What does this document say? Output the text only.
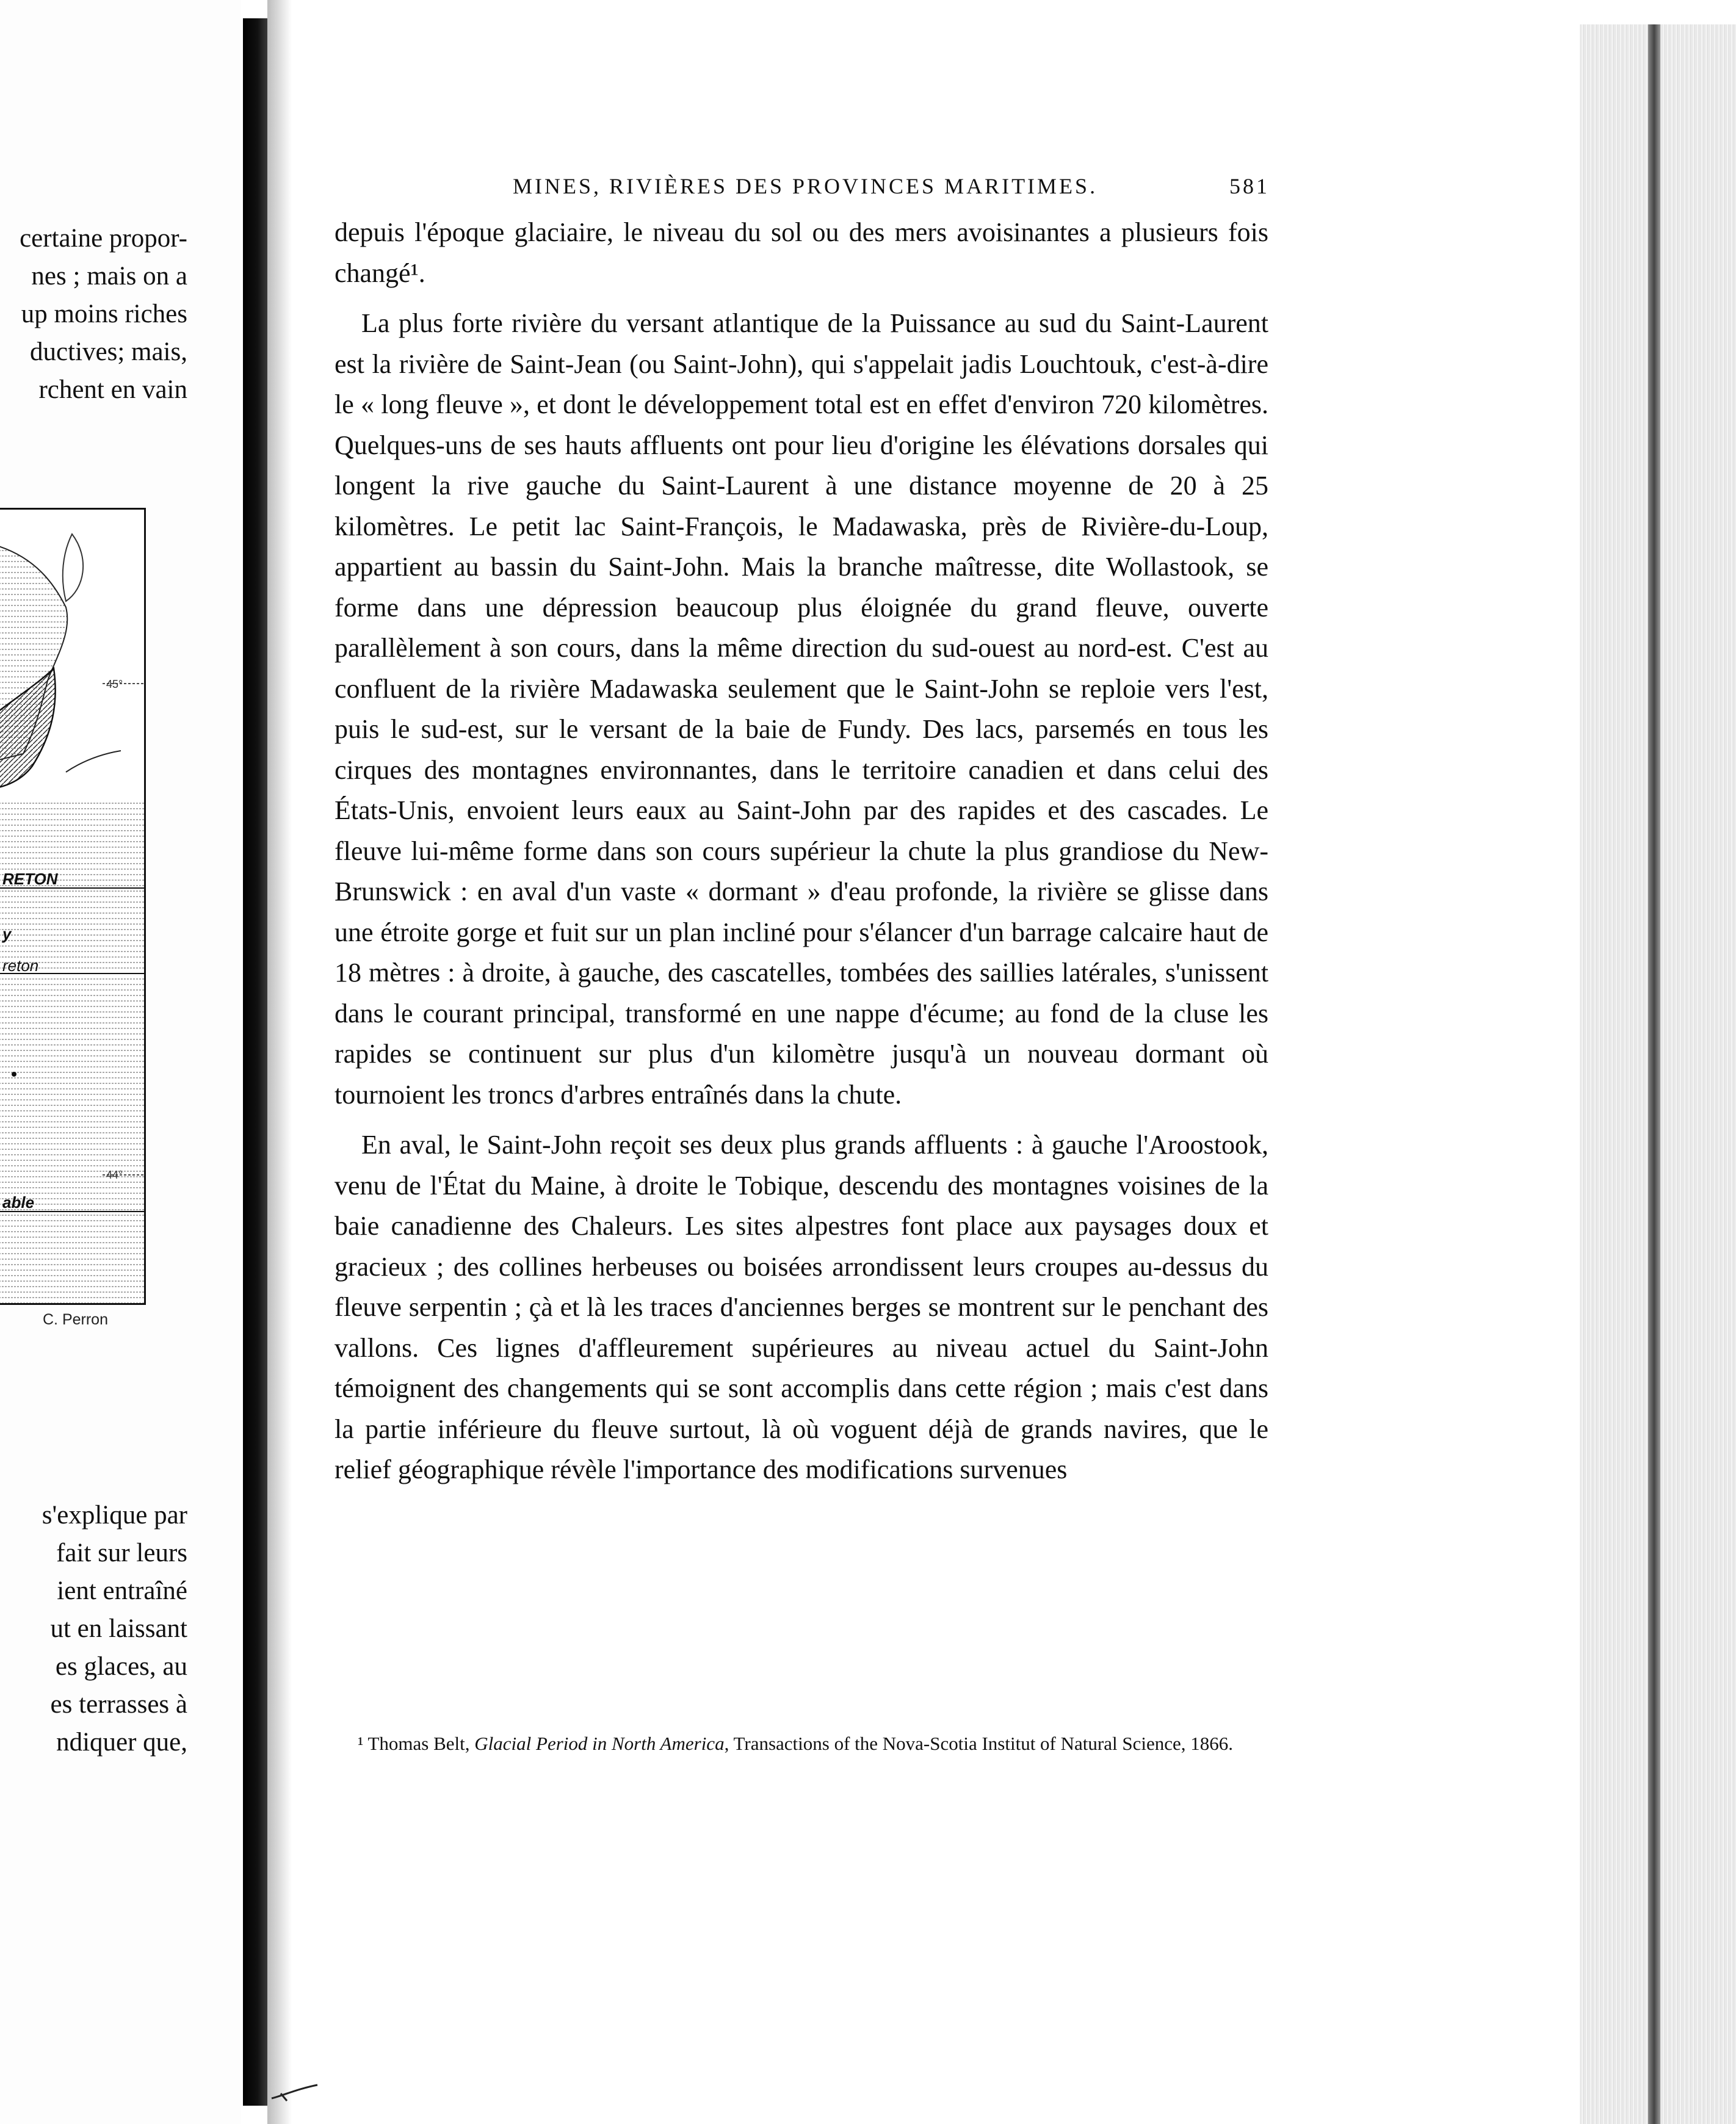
certaine propor-

nes ; mais on a

up moins riches

ductives; mais,

rchent en vain

RETON
y
reton
able
45°
44°
C. Perron

s'explique par

fait sur leurs

ient entraîné

ut en laissant

es glaces, au

es terrasses à

ndiquer que,

MINES, RIVIÈRES DES PROVINCES MARITIMES.	581

depuis l'époque glaciaire, le niveau du sol ou des mers avoisinantes a plusieurs fois changé¹.

La plus forte rivière du versant atlantique de la Puissance au sud du Saint-Laurent est la rivière de Saint-Jean (ou Saint-John), qui s'appelait jadis Louchtouk, c'est-à-dire le « long fleuve », et dont le développement total est en effet d'environ 720 kilomètres. Quelques-uns de ses hauts affluents ont pour lieu d'origine les élévations dorsales qui longent la rive gauche du Saint-Laurent à une distance moyenne de 20 à 25 kilomètres. Le petit lac Saint-François, le Madawaska, près de Rivière-du-Loup, appartient au bassin du Saint-John. Mais la branche maîtresse, dite Wollastook, se forme dans une dépression beaucoup plus éloignée du grand fleuve, ouverte parallèlement à son cours, dans la même direction du sud-ouest au nord-est. C'est au confluent de la rivière Madawaska seulement que le Saint-John se reploie vers l'est, puis le sud-est, sur le versant de la baie de Fundy. Des lacs, parsemés en tous les cirques des montagnes environnantes, dans le territoire canadien et dans celui des États-Unis, envoient leurs eaux au Saint-John par des rapides et des cascades. Le fleuve lui-même forme dans son cours supérieur la chute la plus grandiose du New-Brunswick : en aval d'un vaste « dormant » d'eau profonde, la rivière se glisse dans une étroite gorge et fuit sur un plan incliné pour s'élancer d'un barrage calcaire haut de 18 mètres : à droite, à gauche, des cascatelles, tombées des saillies latérales, s'unissent dans le courant principal, transformé en une nappe d'écume; au fond de la cluse les rapides se continuent sur plus d'un kilomètre jusqu'à un nouveau dormant où tournoient les troncs d'arbres entraînés dans la chute.

En aval, le Saint-John reçoit ses deux plus grands affluents : à gauche l'Aroostook, venu de l'État du Maine, à droite le Tobique, descendu des montagnes voisines de la baie canadienne des Chaleurs. Les sites alpestres font place aux paysages doux et gracieux ; des collines herbeuses ou boisées arrondissent leurs croupes au-dessus du fleuve serpentin ; çà et là les traces d'anciennes berges se montrent sur le penchant des vallons. Ces lignes d'affleurement supérieures au niveau actuel du Saint-John témoignent des changements qui se sont accomplis dans cette région ; mais c'est dans la partie inférieure du fleuve surtout, là où voguent déjà de grands navires, que le relief géographique révèle l'importance des modifications survenues

¹ Thomas Belt, Glacial Period in North America, Transactions of the Nova-Scotia Institut of Natural Science, 1866.
